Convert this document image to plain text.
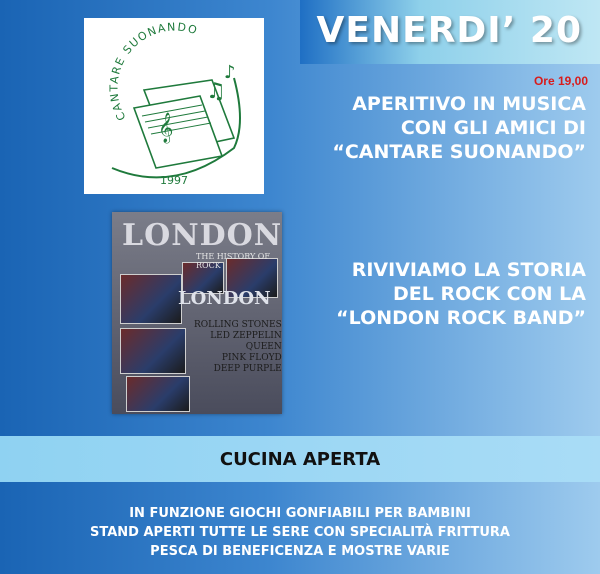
VENERDI’ 20
CANTARE SUONANDO
𝄞
♫
♪
1997
Ore 19,00
APERITIVO IN MUSICA
CON GLI AMICI DI
“CANTARE SUONANDO”
LONDON
THE HISTORY OF ROCK
LONDON
ROLLING STONES
LED ZEPPELIN
QUEEN
PINK FLOYD
DEEP PURPLE
RIVIVIAMO LA STORIA
DEL ROCK CON LA
“LONDON ROCK BAND”
CUCINA APERTA
IN FUNZIONE GIOCHI GONFIABILI PER BAMBINI
STAND APERTI TUTTE LE SERE CON SPECIALITÀ FRITTURA
PESCA DI BENEFICENZA E MOSTRE VARIE
